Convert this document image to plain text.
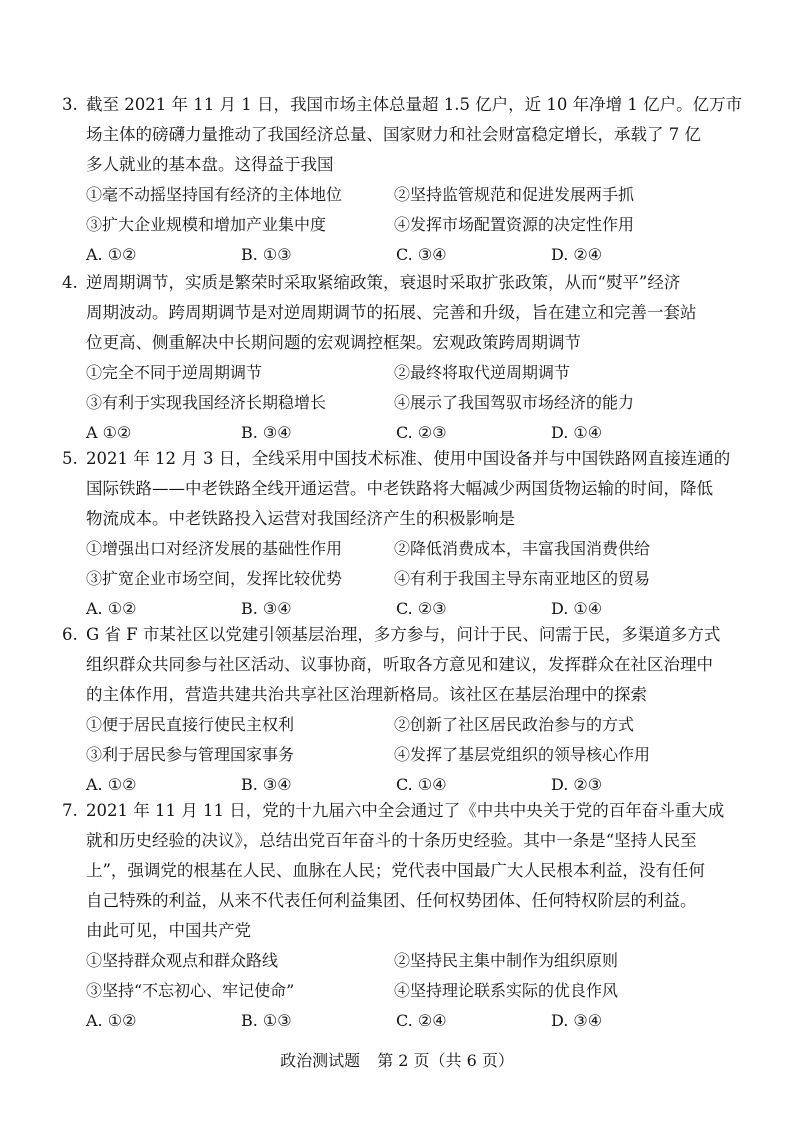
3. 截至 2021 年 11 月 1 日，我国市场主体总量超 1.5 亿户，近 10 年净增 1 亿户。亿万市
场主体的磅礴力量推动了我国经济总量、国家财力和社会财富稳定增长，承载了 7 亿
多人就业的基本盘。这得益于我国

①毫不动摇坚持国有经济的主体地位	②坚持监管规范和促进发展两手抓
③扩大企业规模和增加产业集中度	④发挥市场配置资源的决定性作用
A. ①②	B. ①③	C. ③④	D. ②④

4. 逆周期调节，实质是繁荣时采取紧缩政策，衰退时采取扩张政策，从而“熨平”经济
周期波动。跨周期调节是对逆周期调节的拓展、完善和升级，旨在建立和完善一套站
位更高、侧重解决中长期问题的宏观调控框架。宏观政策跨周期调节

①完全不同于逆周期调节	②最终将取代逆周期调节
③有利于实现我国经济长期稳增长	④展示了我国驾驭市场经济的能力
A ①②	B. ③④	C. ②③	D. ①④

5. 2021 年 12 月 3 日，全线采用中国技术标准、使用中国设备并与中国铁路网直接连通的
国际铁路——中老铁路全线开通运营。中老铁路将大幅减少两国货物运输的时间，降低
物流成本。中老铁路投入运营对我国经济产生的积极影响是

①增强出口对经济发展的基础性作用	②降低消费成本，丰富我国消费供给
③扩宽企业市场空间，发挥比较优势	④有利于我国主导东南亚地区的贸易
A. ①②	B. ③④	C. ②③	D. ①④

6. G 省 F 市某社区以党建引领基层治理，多方参与，问计于民、问需于民，多渠道多方式
组织群众共同参与社区活动、议事协商，听取各方意见和建议，发挥群众在社区治理中
的主体作用，营造共建共治共享社区治理新格局。该社区在基层治理中的探索

①便于居民直接行使民主权利	②创新了社区居民政治参与的方式
③利于居民参与管理国家事务	④发挥了基层党组织的领导核心作用
A. ①②	B. ③④	C. ①④	D. ②③

7. 2021 年 11 月 11 日，党的十九届六中全会通过了《中共中央关于党的百年奋斗重大成
就和历史经验的决议》，总结出党百年奋斗的十条历史经验。其中一条是“坚持人民至
上”，强调党的根基在人民、血脉在人民；党代表中国最广大人民根本利益，没有任何
自己特殊的利益，从来不代表任何利益集团、任何权势团体、任何特权阶层的利益。
由此可见，中国共产党

①坚持群众观点和群众路线	②坚持民主集中制作为组织原则
③坚持“不忘初心、牢记使命”	④坚持理论联系实际的优良作风
A. ①②	B. ①③	C. ②④	D. ③④
政治测试题 第 2 页（共 6 页）
